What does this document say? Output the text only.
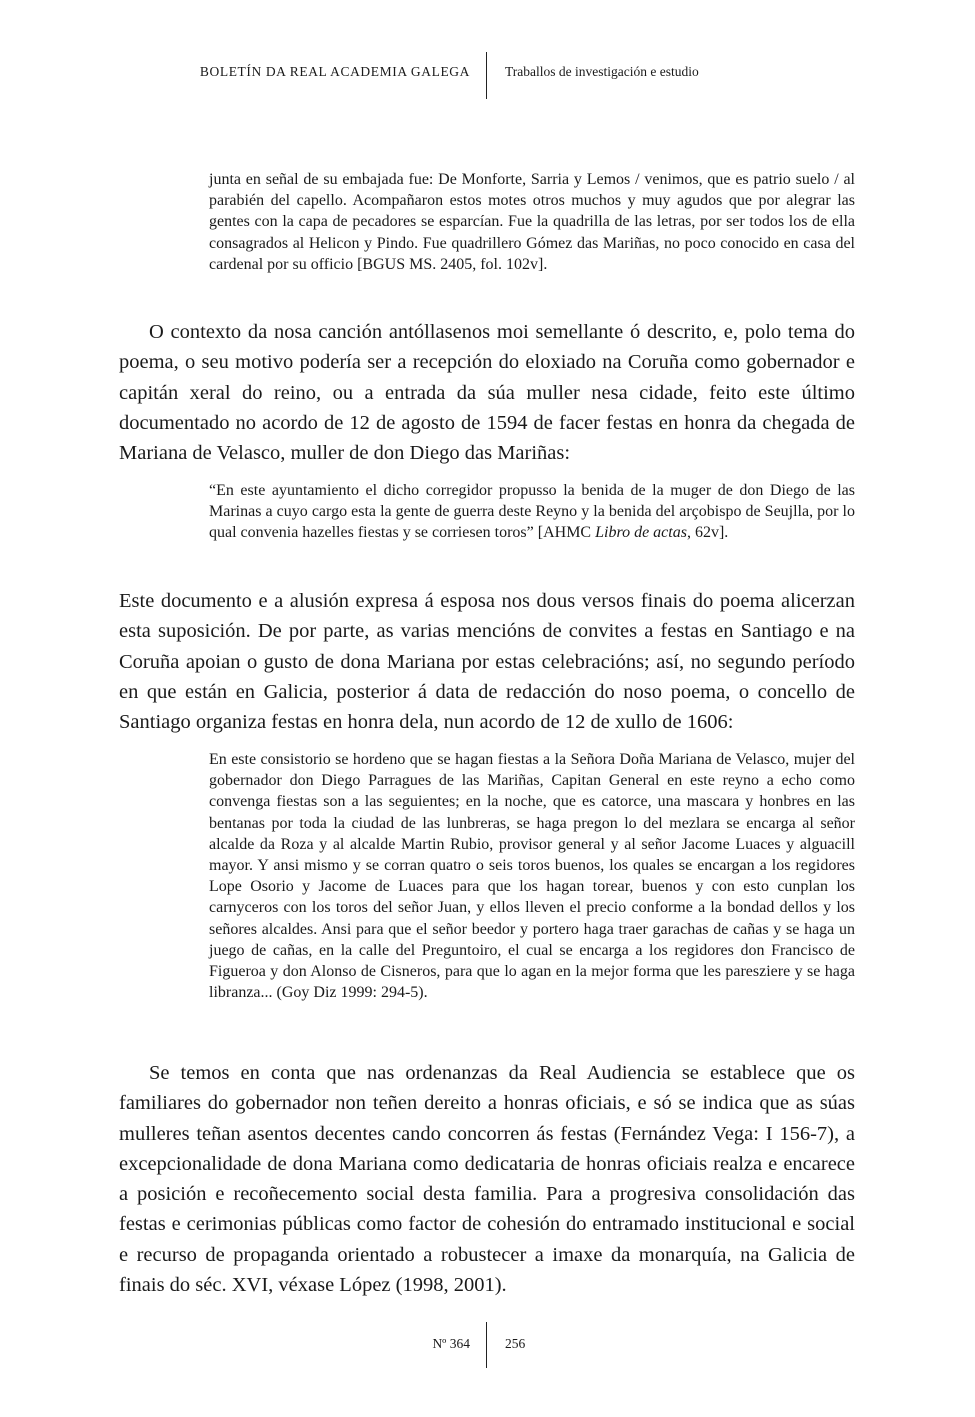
BOLETÍN DA REAL ACADEMIA GALEGA	Traballos de investigación e estudio

junta en señal de su embajada fue: De Monforte, Sarria y Lemos / venimos, que es patrio suelo / al parabién del capello. Acompañaron estos motes otros muchos y muy agudos que por alegrar las gentes con la capa de pecadores se esparcían. Fue la quadrilla de las letras, por ser todos los de ella consagrados al Helicon y Pindo. Fue quadrillero Gómez das Mariñas, no poco conocido en casa del cardenal por su officio [BGUS MS. 2405, fol. 102v].

O contexto da nosa canción antóllasenos moi semellante ó descrito, e, polo tema do poema, o seu motivo podería ser a recepción do eloxiado na Coruña como gobernador e capitán xeral do reino, ou a entrada da súa muller nesa cidade, feito este último documentado no acordo de 12 de agosto de 1594 de facer festas en honra da chegada de Mariana de Velasco, muller de don Diego das Mariñas:

“En este ayuntamiento el dicho corregidor propusso la benida de la muger de don Diego de las Marinas a cuyo cargo esta la gente de guerra deste Reyno y la benida del arçobispo de Seujlla, por lo qual convenia hazelles fiestas y se corriesen toros” [AHMC Libro de actas, 62v].

Este documento e a alusión expresa á esposa nos dous versos finais do poema alicerzan esta suposición. De por parte, as varias mencións de convites a festas en Santiago e na Coruña apoian o gusto de dona Mariana por estas celebracións; así, no segundo período en que están en Galicia, posterior á data de redacción do noso poema, o concello de Santiago organiza festas en honra dela, nun acordo de 12 de xullo de 1606:

En este consistorio se hordeno que se hagan fiestas a la Señora Doña Mariana de Velasco, mujer del gobernador don Diego Parragues de las Mariñas, Capitan General en este reyno a echo como convenga fiestas son a las seguientes; en la noche, que es catorce, una mascara y honbres en las bentanas por toda la ciudad de las lunbreras, se haga pregon lo del mezlara se encarga al señor alcalde da Roza y al alcalde Martin Rubio, provisor general y al señor Jacome Luaces y alguacill mayor. Y ansi mismo y se corran quatro o seis toros buenos, los quales se encargan a los regidores Lope Osorio y Jacome de Luaces para que los hagan torear, buenos y con esto cunplan los carnyceros con los toros del señor Juan, y ellos lleven el precio conforme a la bondad dellos y los señores alcaldes. Ansi para que el señor beedor y portero haga traer garachas de cañas y se haga un juego de cañas, en la calle del Preguntoiro, el cual se encarga a los regidores don Francisco de Figueroa y don Alonso de Cisneros, para que lo agan en la mejor forma que les paresziere y se haga libranza... (Goy Diz 1999: 294-5).

Se temos en conta que nas ordenanzas da Real Audiencia se establece que os familiares do gobernador non teñen dereito a honras oficiais, e só se indica que as súas mulleres teñan asentos decentes cando concorren ás festas (Fernández Vega: I 156-7), a excepcionalidade de dona Mariana como dedicataria de honras oficiais realza e encarece a posición e recoñecemento social desta familia. Para a progresiva consolidación das festas e cerimonias públicas como factor de cohesión do entramado institucional e social e recurso de propaganda orientado a robustecer a imaxe da monarquía, na Galicia de finais do séc. XVI, véxase López (1998, 2001).

Nº 364	256
